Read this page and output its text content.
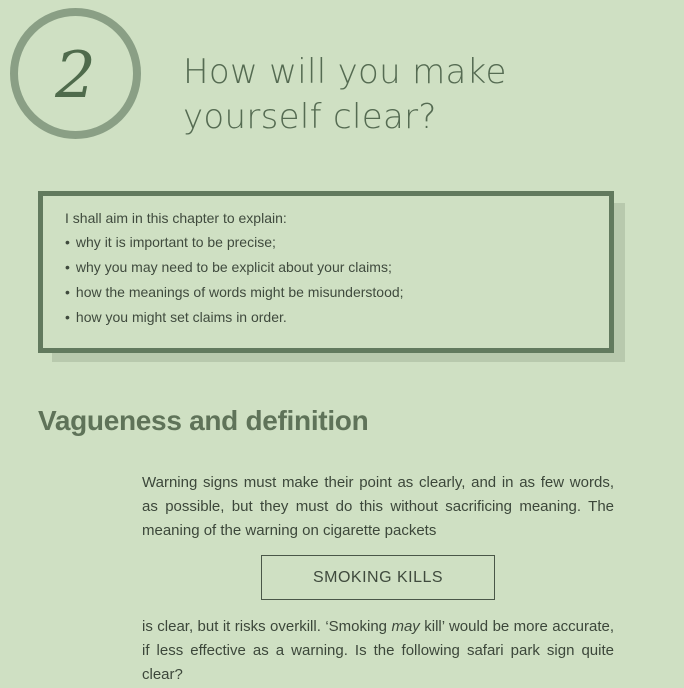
2	How will you make
yourself clear?

I shall aim in this chapter to explain:

• why it is important to be precise;
• why you may need to be explicit about your claims;
• how the meanings of words might be misunderstood;
• how you might set claims in order.
Vagueness and definition
Warning signs must make their point as clearly, and in as few words, as possible, but they must do this without sacrificing meaning. The meaning of the warning on cigarette packets
SMOKING KILLS
is clear, but it risks overkill. ‘Smoking may kill’ would be more accurate, if less effective as a warning. Is the following safari park sign quite clear?
